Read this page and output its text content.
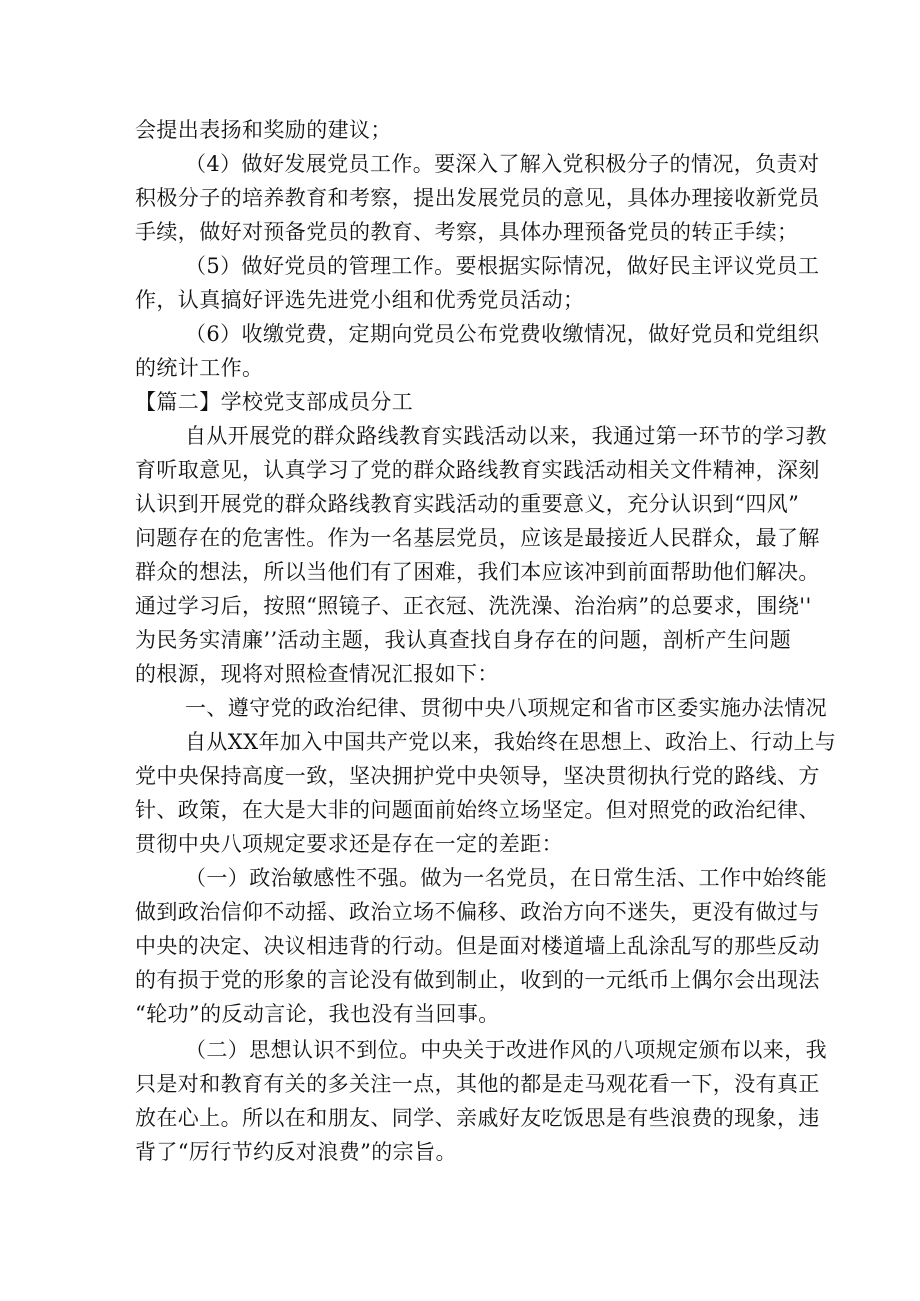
会提出表扬和奖励的建议；
（4）做好发展党员工作。要深入了解入党积极分子的情况，负责对
积极分子的培养教育和考察，提出发展党员的意见，具体办理接收新党员
手续，做好对预备党员的教育、考察，具体办理预备党员的转正手续；
（5）做好党员的管理工作。要根据实际情况，做好民主评议党员工
作，认真搞好评选先进党小组和优秀党员活动；
（6）收缴党费，定期向党员公布党费收缴情况，做好党员和党组织
的统计工作。
【篇二】学校党支部成员分工
自从开展党的群众路线教育实践活动以来，我通过第一环节的学习教
育听取意见，认真学习了党的群众路线教育实践活动相关文件精神，深刻
认识到开展党的群众路线教育实践活动的重要意义，充分认识到“四风”
问题存在的危害性。作为一名基层党员，应该是最接近人民群众，最了解
群众的想法，所以当他们有了困难，我们本应该冲到前面帮助他们解决。
通过学习后，按照“照镜子、正衣冠、洗洗澡、治治病”的总要求，围绕''
为民务实清廉’’活动主题，我认真查找自身存在的问题，剖析产生问题
的根源，现将对照检查情况汇报如下：
一、遵守党的政治纪律、贯彻中央八项规定和省市区委实施办法情况
自从XX年加入中国共产党以来，我始终在思想上、政治上、行动上与
党中央保持高度一致，坚决拥护党中央领导，坚决贯彻执行党的路线、方
针、政策，在大是大非的问题面前始终立场坚定。但对照党的政治纪律、
贯彻中央八项规定要求还是存在一定的差距：
（一）政治敏感性不强。做为一名党员，在日常生活、工作中始终能
做到政治信仰不动摇、政治立场不偏移、政治方向不迷失，更没有做过与
中央的决定、决议相违背的行动。但是面对楼道墙上乱涂乱写的那些反动
的有损于党的形象的言论没有做到制止，收到的一元纸币上偶尔会出现法
“轮功”的反动言论，我也没有当回事。
（二）思想认识不到位。中央关于改进作风的八项规定颁布以来，我
只是对和教育有关的多关注一点，其他的都是走马观花看一下，没有真正
放在心上。所以在和朋友、同学、亲戚好友吃饭思是有些浪费的现象，违
背了“厉行节约反对浪费”的宗旨。
